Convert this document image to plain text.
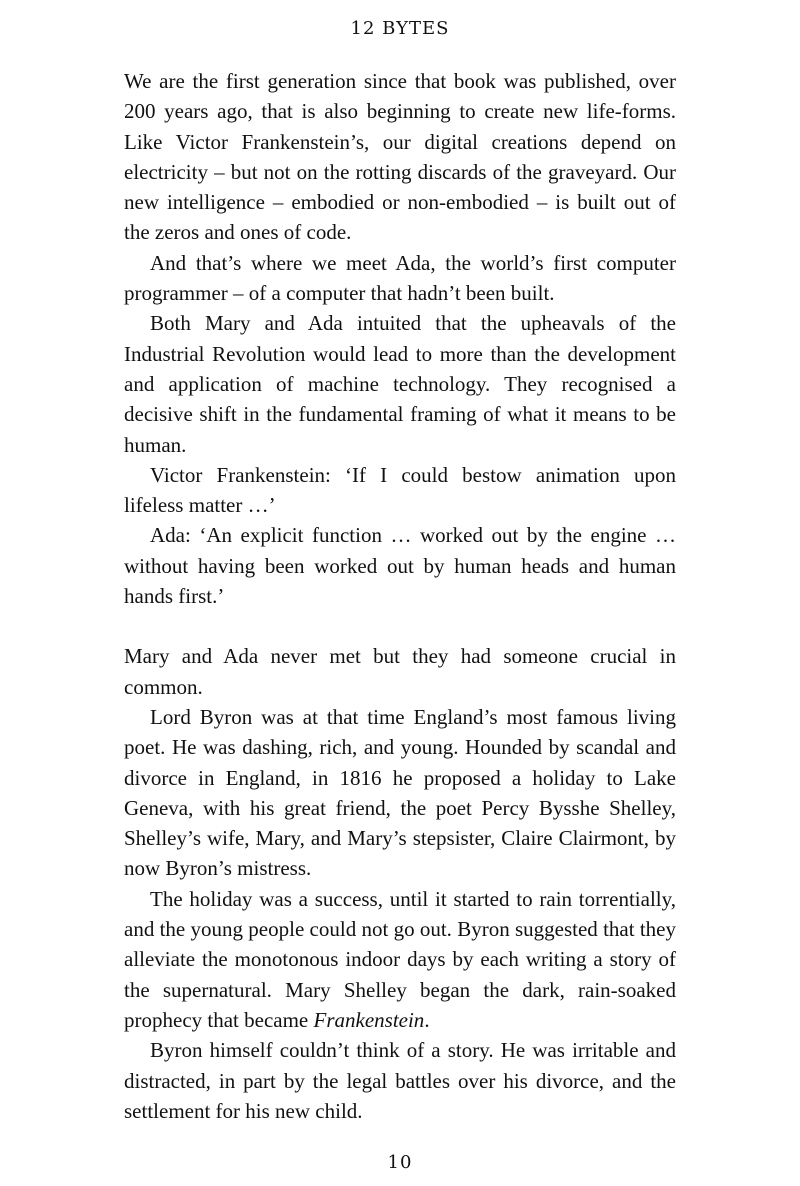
12 BYTES

We are the first generation since that book was published, over 200 years ago, that is also beginning to create new life-forms. Like Victor Frankenstein’s, our digital creations depend on electricity – but not on the rotting discards of the graveyard. Our new intelligence – embodied or non-embodied – is built out of the zeros and ones of code.

And that’s where we meet Ada, the world’s first computer programmer – of a computer that hadn’t been built.

Both Mary and Ada intuited that the upheavals of the Industrial Revolution would lead to more than the development and application of machine technology. They recognised a decisive shift in the fundamental framing of what it means to be human.

Victor Frankenstein: ‘If I could bestow animation upon lifeless matter …’

Ada: ‘An explicit function … worked out by the engine … without having been worked out by human heads and human hands first.’

Mary and Ada never met but they had someone crucial in common.

Lord Byron was at that time England’s most famous living poet. He was dashing, rich, and young. Hounded by scandal and divorce in England, in 1816 he proposed a holiday to Lake Geneva, with his great friend, the poet Percy Bysshe Shelley, Shelley’s wife, Mary, and Mary’s stepsister, Claire Clairmont, by now Byron’s mistress.

The holiday was a success, until it started to rain torrentially, and the young people could not go out. Byron suggested that they alleviate the monotonous indoor days by each writing a story of the supernatural. Mary Shelley began the dark, rain-soaked prophecy that became Frankenstein.

Byron himself couldn’t think of a story. He was irritable and distracted, in part by the legal battles over his divorce, and the settlement for his new child.

10
